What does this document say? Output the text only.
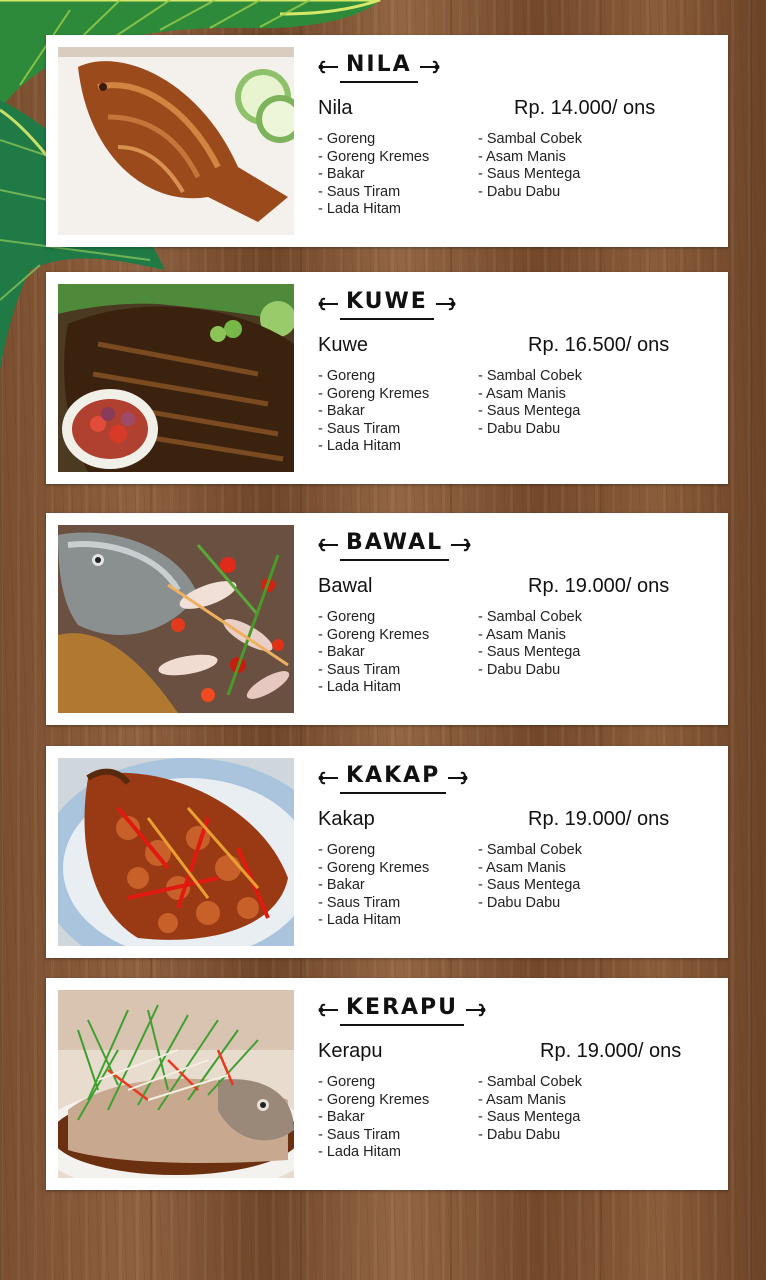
NILA
Nila	Rp. 14.000/ ons
- Goreng
- Goreng Kremes
- Bakar
- Saus Tiram
- Lada Hitam
- Sambal Cobek
- Asam Manis
- Saus Mentega
- Dabu Dabu
KUWE
Kuwe	Rp. 16.500/ ons
- Goreng
- Goreng Kremes
- Bakar
- Saus Tiram
- Lada Hitam
- Sambal Cobek
- Asam Manis
- Saus Mentega
- Dabu Dabu
BAWAL
Bawal	Rp. 19.000/ ons
- Goreng
- Goreng Kremes
- Bakar
- Saus Tiram
- Lada Hitam
- Sambal Cobek
- Asam Manis
- Saus Mentega
- Dabu Dabu
KAKAP
Kakap	Rp. 19.000/ ons
- Goreng
- Goreng Kremes
- Bakar
- Saus Tiram
- Lada Hitam
- Sambal Cobek
- Asam Manis
- Saus Mentega
- Dabu Dabu
KERAPU
Kerapu	Rp. 19.000/ ons
- Goreng
- Goreng Kremes
- Bakar
- Saus Tiram
- Lada Hitam
- Sambal Cobek
- Asam Manis
- Saus Mentega
- Dabu Dabu
